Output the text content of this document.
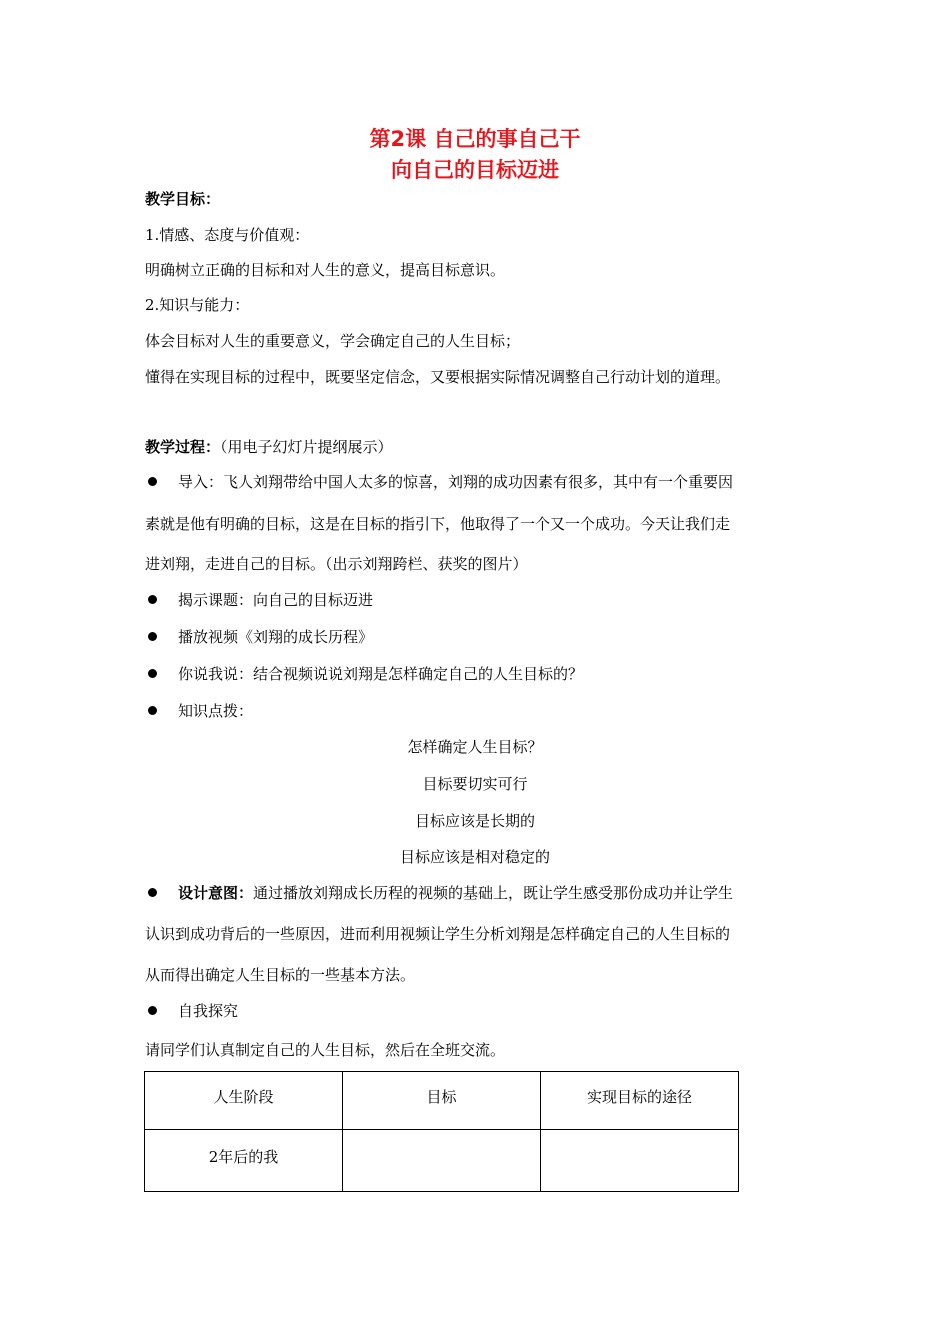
第2课 自己的事自己干
向自己的目标迈进
教学目标：
1.情感、态度与价值观：
明确树立正确的目标和对人生的意义，提高目标意识。
2.知识与能力：
体会目标对人生的重要意义，学会确定自己的人生目标；
懂得在实现目标的过程中，既要坚定信念，又要根据实际情况调整自己行动计划的道理。
教学过程：（用电子幻灯片提纲展示）
导入：飞人刘翔带给中国人太多的惊喜，刘翔的成功因素有很多，其中有一个重要因
素就是他有明确的目标，这是在目标的指引下，他取得了一个又一个成功。今天让我们走
进刘翔，走进自己的目标。（出示刘翔跨栏、获奖的图片）
揭示课题：向自己的目标迈进
播放视频《刘翔的成长历程》
你说我说：结合视频说说刘翔是怎样确定自己的人生目标的？
知识点拨：
怎样确定人生目标？
目标要切实可行
目标应该是长期的
目标应该是相对稳定的
设计意图：通过播放刘翔成长历程的视频的基础上，既让学生感受那份成功并让学生
认识到成功背后的一些原因，进而利用视频让学生分析刘翔是怎样确定自己的人生目标的
从而得出确定人生目标的一些基本方法。
自我探究
请同学们认真制定自己的人生目标，然后在全班交流。
人生阶段	目标	实现目标的途径
2年后的我		
